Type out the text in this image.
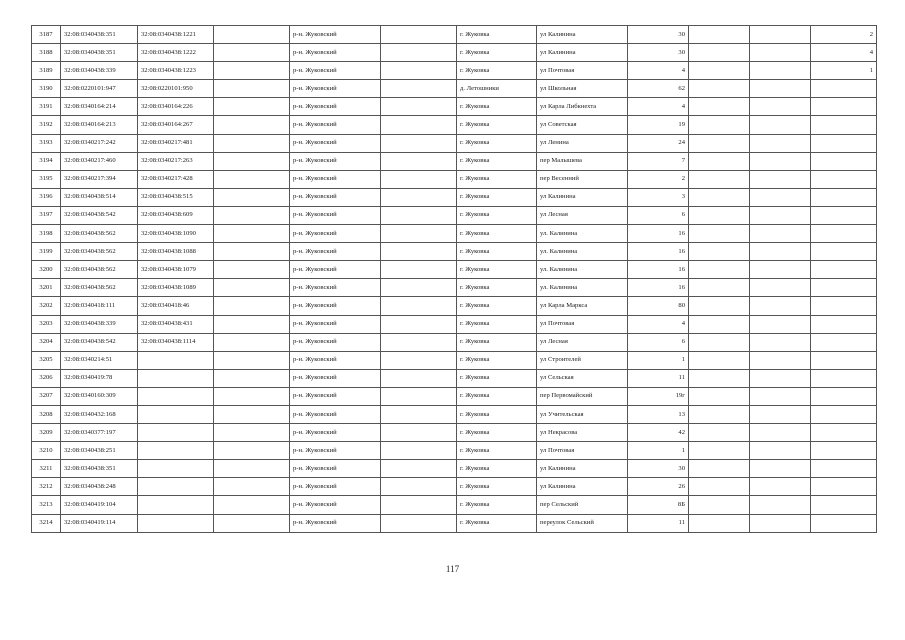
3187	32:08:0340438:351	32:08:0340438:1221		р-н. Жуковский		г. Жуковка	ул Калинина	30			2
3188	32:08:0340438:351	32:08:0340438:1222		р-н. Жуковский		г. Жуковка	ул Калинина	30			4
3189	32:08:0340438:339	32:08:0340438:1223		р-н. Жуковский		г. Жуковка	ул Почтовая	4			1
3190	32:08:0220101:947	32:08:0220101:950		р-н. Жуковский		д. Летошники	ул Школьная	62			
3191	32:08:0340164:214	32:08:0340164:226		р-н. Жуковский		г. Жуковка	ул Карла Либкнехта	4			
3192	32:08:0340164:213	32:08:0340164:267		р-н. Жуковский		г. Жуковка	ул Советская	19			
3193	32:08:0340217:242	32:08:0340217:481		р-н. Жуковский		г. Жуковка	ул Ленина	24			
3194	32:08:0340217:460	32:08:0340217:263		р-н. Жуковский		г. Жуковка	пер Малышева	7			
3195	32:08:0340217:394	32:08:0340217:428		р-н. Жуковский		г. Жуковка	пер Весенний	2			
3196	32:08:0340438:514	32:08:0340438:515		р-н. Жуковский		г. Жуковка	ул Калинина	3			
3197	32:08:0340438:542	32:08:0340438:609		р-н. Жуковский		г. Жуковка	ул Лесная	6			
3198	32:08:0340438:562	32:08:0340438:1090		р-н. Жуковский		г. Жуковка	ул. Калинина	16			
3199	32:08:0340438:562	32:08:0340438:1088		р-н. Жуковский		г. Жуковка	ул. Калинина	16			
3200	32:08:0340438:562	32:08:0340438:1079		р-н. Жуковский		г. Жуковка	ул. Калинина	16			
3201	32:08:0340438:562	32:08:0340438:1089		р-н. Жуковский		г. Жуковка	ул. Калинина	16			
3202	32:08:0340418:111	32:08:0340418:46		р-н. Жуковский		г. Жуковка	ул Карла Маркса	80			
3203	32:08:0340438:339	32:08:0340438:431		р-н. Жуковский		г. Жуковка	ул Почтовая	4			
3204	32:08:0340438:542	32:08:0340438:1114		р-н. Жуковский		г. Жуковка	ул Лесная	6			
3205	32:08:0340214:51			р-н. Жуковский		г. Жуковка	ул Строителей	1			
3206	32:08:0340419:78			р-н. Жуковский		г. Жуковка	ул Сельская	11			
3207	32:08:0340160:309			р-н. Жуковский		г. Жуковка	пер Первомайский	19г			
3208	32:08:0340432:168			р-н. Жуковский		г. Жуковка	ул Учительская	13			
3209	32:08:0340377:197			р-н. Жуковский		г. Жуковка	ул Некрасова	42			
3210	32:08:0340438:251			р-н. Жуковский		г. Жуковка	ул Почтовая	1			
3211	32:08:0340438:351			р-н. Жуковский		г. Жуковка	ул Калинина	30			
3212	32:08:0340438:248			р-н. Жуковский		г. Жуковка	ул Калинина	26			
3213	32:08:0340419:104			р-н. Жуковский		г. Жуковка	пер Сельский	8Б			
3214	32:08:0340419:114			р-н. Жуковский		г. Жуковка	переулок Сельский	11			
117
